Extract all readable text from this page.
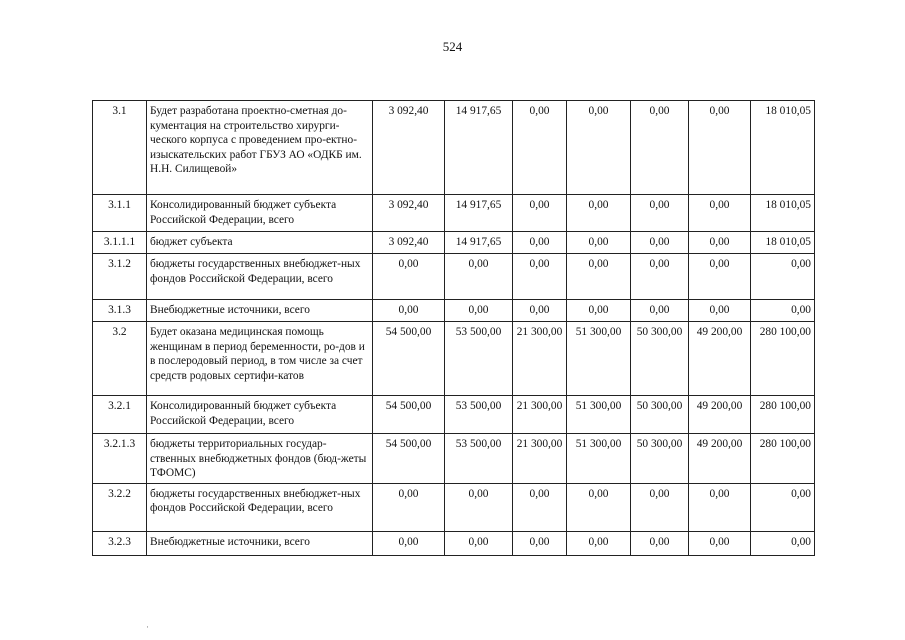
524
3.1	Будет разработана проектно-сметная до-кументация на строительство хирурги-ческого корпуса с проведением про-ектно-изыскательских работ ГБУЗ АО «ОДКБ им. Н.Н. Силищевой»	3 092,40	14 917,65	0,00	0,00	0,00	0,00	18 010,05
3.1.1	Консолидированный бюджет субъекта Российской Федерации, всего	3 092,40	14 917,65	0,00	0,00	0,00	0,00	18 010,05
3.1.1.1	бюджет субъекта	3 092,40	14 917,65	0,00	0,00	0,00	0,00	18 010,05
3.1.2	бюджеты государственных внебюджет-ных фондов Российской Федерации, всего	0,00	0,00	0,00	0,00	0,00	0,00	0,00
3.1.3	Внебюджетные источники, всего	0,00	0,00	0,00	0,00	0,00	0,00	0,00
3.2	Будет оказана медицинская помощь женщинам в период беременности, ро-дов и в послеродовый период, в том числе за счет средств родовых сертифи-катов	54 500,00	53 500,00	21 300,00	51 300,00	50 300,00	49 200,00	280 100,00
3.2.1	Консолидированный бюджет субъекта Российской Федерации, всего	54 500,00	53 500,00	21 300,00	51 300,00	50 300,00	49 200,00	280 100,00
3.2.1.3	бюджеты территориальных государ-ственных внебюджетных фондов (бюд-жеты ТФОМС)	54 500,00	53 500,00	21 300,00	51 300,00	50 300,00	49 200,00	280 100,00
3.2.2	бюджеты государственных внебюджет-ных фондов Российской Федерации, всего	0,00	0,00	0,00	0,00	0,00	0,00	0,00
3.2.3	Внебюджетные источники, всего	0,00	0,00	0,00	0,00	0,00	0,00	0,00
·
